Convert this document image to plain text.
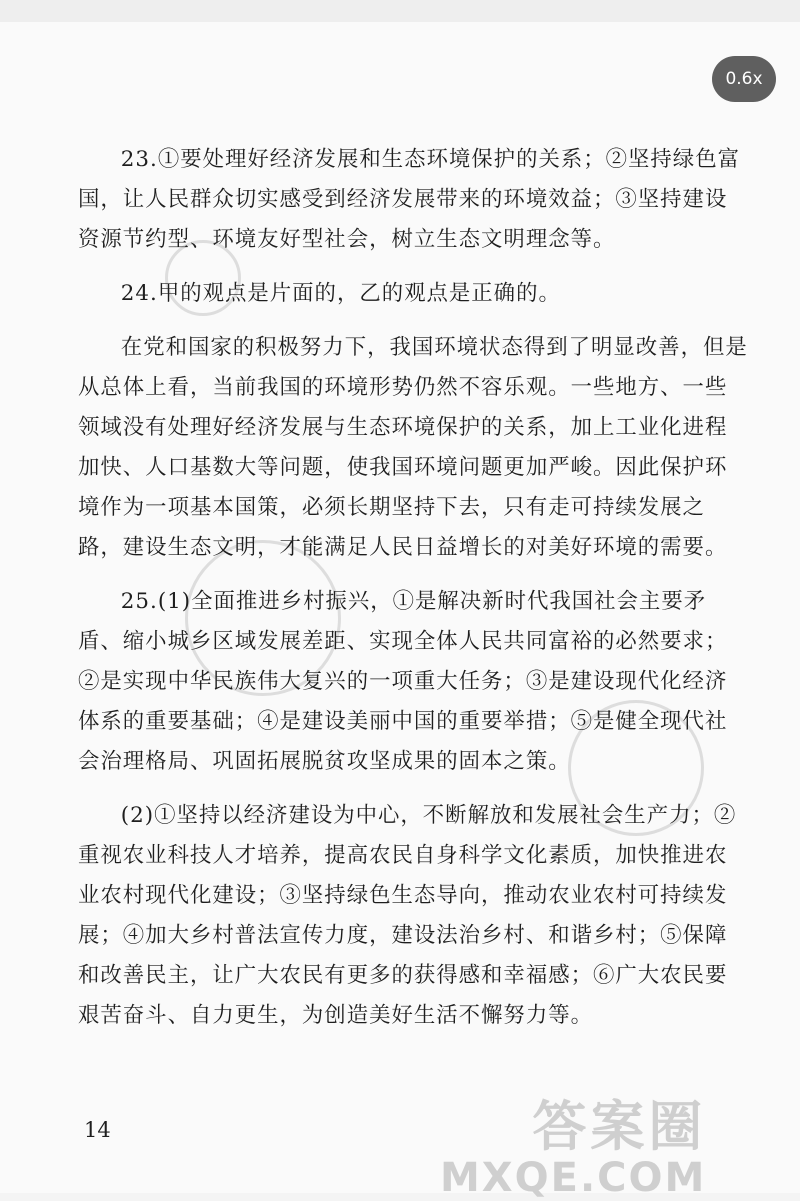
0.6x

23.①要处理好经济发展和生态环境保护的关系；②坚持绿色富国，让人民群众切实感受到经济发展带来的环境效益；③坚持建设资源节约型、环境友好型社会，树立生态文明理念等。

24.甲的观点是片面的，乙的观点是正确的。

在党和国家的积极努力下，我国环境状态得到了明显改善，但是从总体上看，当前我国的环境形势仍然不容乐观。一些地方、一些领域没有处理好经济发展与生态环境保护的关系，加上工业化进程加快、人口基数大等问题，使我国环境问题更加严峻。因此保护环境作为一项基本国策，必须长期坚持下去，只有走可持续发展之路，建设生态文明，才能满足人民日益增长的对美好环境的需要。

25.(1)全面推进乡村振兴，①是解决新时代我国社会主要矛盾、缩小城乡区域发展差距、实现全体人民共同富裕的必然要求；②是实现中华民族伟大复兴的一项重大任务；③是建设现代化经济体系的重要基础；④是建设美丽中国的重要举措；⑤是健全现代社会治理格局、巩固拓展脱贫攻坚成果的固本之策。

(2)①坚持以经济建设为中心，不断解放和发展社会生产力；②重视农业科技人才培养，提高农民自身科学文化素质，加快推进农业农村现代化建设；③坚持绿色生态导向，推动农业农村可持续发展；④加大乡村普法宣传力度，建设法治乡村、和谐乡村；⑤保障和改善民主，让广大农民有更多的获得感和幸福感；⑥广大农民要艰苦奋斗、自力更生，为创造美好生活不懈努力等。

14	答案圈
MXQE.COM
